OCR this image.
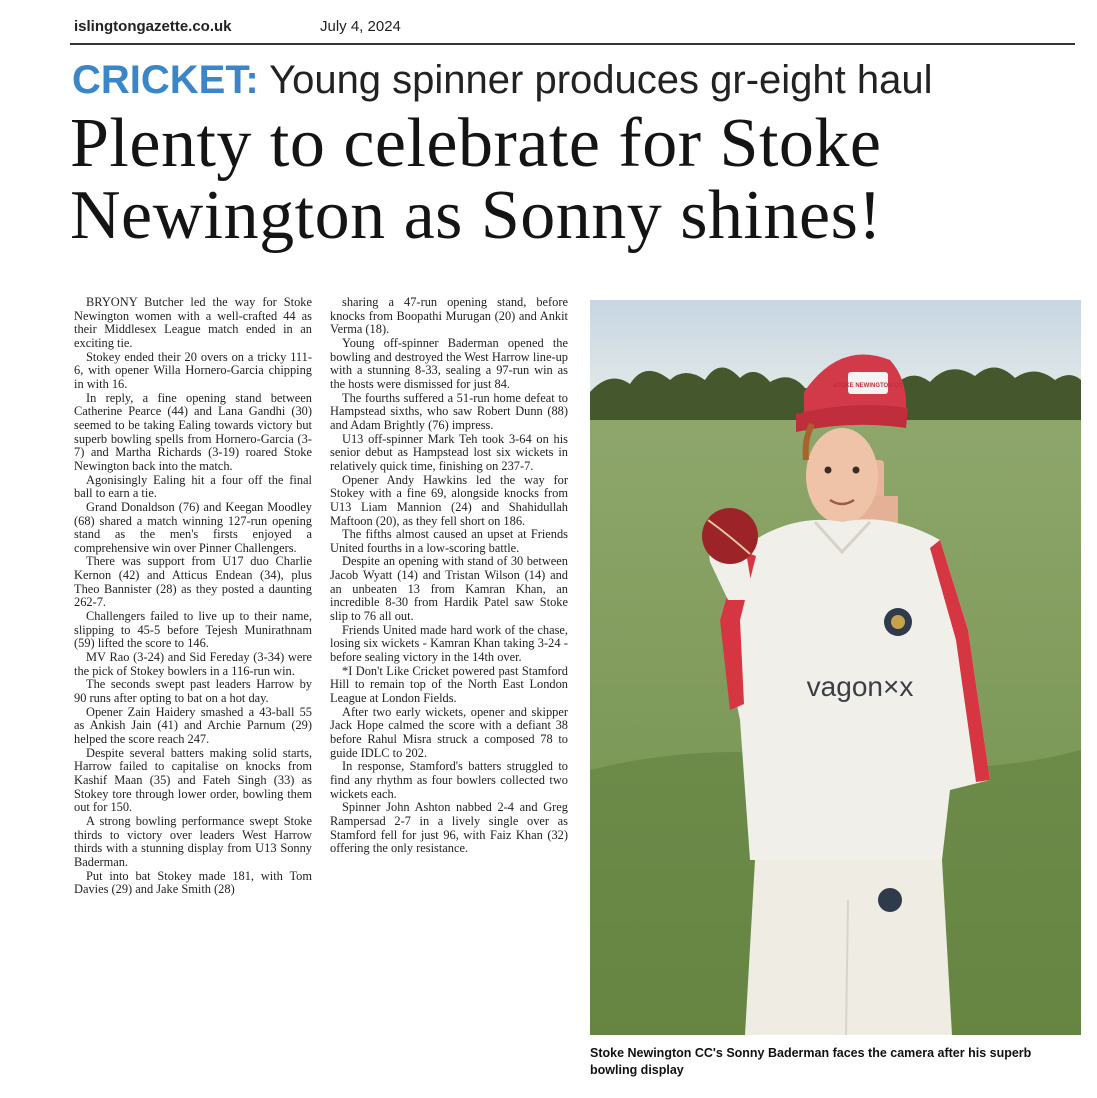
islingtongazette.co.uk	July 4, 2024
CRICKET: Young spinner produces gr-eight haul
Plenty to celebrate for Stoke
Newington as Sonny shines!

BRYONY Butcher led the way for Stoke Newington women with a well-crafted 44 as their Middlesex League match ended in an exciting tie.

Stokey ended their 20 overs on a tricky 111-6, with opener Willa Hornero-Garcia chipping in with 16.

In reply, a fine opening stand between Catherine Pearce (44) and Lana Gandhi (30) seemed to be taking Ealing towards victory but superb bowling spells from Hornero-Garcia (3-7) and Martha Richards (3-19) roared Stoke Newington back into the match.

Agonisingly Ealing hit a four off the final ball to earn a tie.

Grand Donaldson (76) and Keegan Moodley (68) shared a match winning 127-run opening stand as the men's firsts enjoyed a comprehensive win over Pinner Challengers.

There was support from U17 duo Charlie Kernon (42) and Atticus Endean (34), plus Theo Bannister (28) as they posted a daunting 262-7.

Challengers failed to live up to their name, slipping to 45-5 before Tejesh Munirathnam (59) lifted the score to 146.

MV Rao (3-24) and Sid Fereday (3-34) were the pick of Stokey bowlers in a 116-run win.

The seconds swept past leaders Harrow by 90 runs after opting to bat on a hot day.

Opener Zain Haidery smashed a 43-ball 55 as Ankish Jain (41) and Archie Parnum (29) helped the score reach 247.

Despite several batters making solid starts, Harrow failed to capitalise on knocks from Kashif Maan (35) and Fateh Singh (33) as Stokey tore through lower order, bowling them out for 150.

A strong bowling performance swept Stoke thirds to victory over leaders West Harrow thirds with a stunning display from U13 Sonny Baderman.

Put into bat Stokey made 181, with Tom Davies (29) and Jake Smith (28)

sharing a 47-run opening stand, before knocks from Boopathi Murugan (20) and Ankit Verma (18).

Young off-spinner Baderman opened the bowling and destroyed the West Harrow line-up with a stunning 8-33, sealing a 97-run win as the hosts were dismissed for just 84.

The fourths suffered a 51-run home defeat to Hampstead sixths, who saw Robert Dunn (88) and Adam Brightly (76) impress.

U13 off-spinner Mark Teh took 3-64 on his senior debut as Hampstead lost six wickets in relatively quick time, finishing on 237-7.

Opener Andy Hawkins led the way for Stokey with a fine 69, alongside knocks from U13 Liam Mannion (24) and Shahidullah Maftoon (20), as they fell short on 186.

The fifths almost caused an upset at Friends United fourths in a low-scoring battle.

Despite an opening with stand of 30 between Jacob Wyatt (14) and Tristan Wilson (14) and an unbeaten 13 from Kamran Khan, an incredible 8-30 from Hardik Patel saw Stoke slip to 76 all out.

Friends United made hard work of the chase, losing six wickets - Kamran Khan taking 3-24 - before sealing victory in the 14th over.

*I Don't Like Cricket powered past Stamford Hill to remain top of the North East London League at London Fields.

After two early wickets, opener and skipper Jack Hope calmed the score with a defiant 38 before Rahul Misra struck a composed 78 to guide IDLC to 202.

In response, Stamford's batters struggled to find any rhythm as four bowlers collected two wickets each.

Spinner John Ashton nabbed 2-4 and Greg Rampersad 2-7 in a lively single over as Stamford fell for just 96, with Faiz Khan (32) offering the only resistance.

STOKE NEWINGTON CC
vagon×x
Stoke Newington CC's Sonny Baderman faces the camera after his superb bowling display
